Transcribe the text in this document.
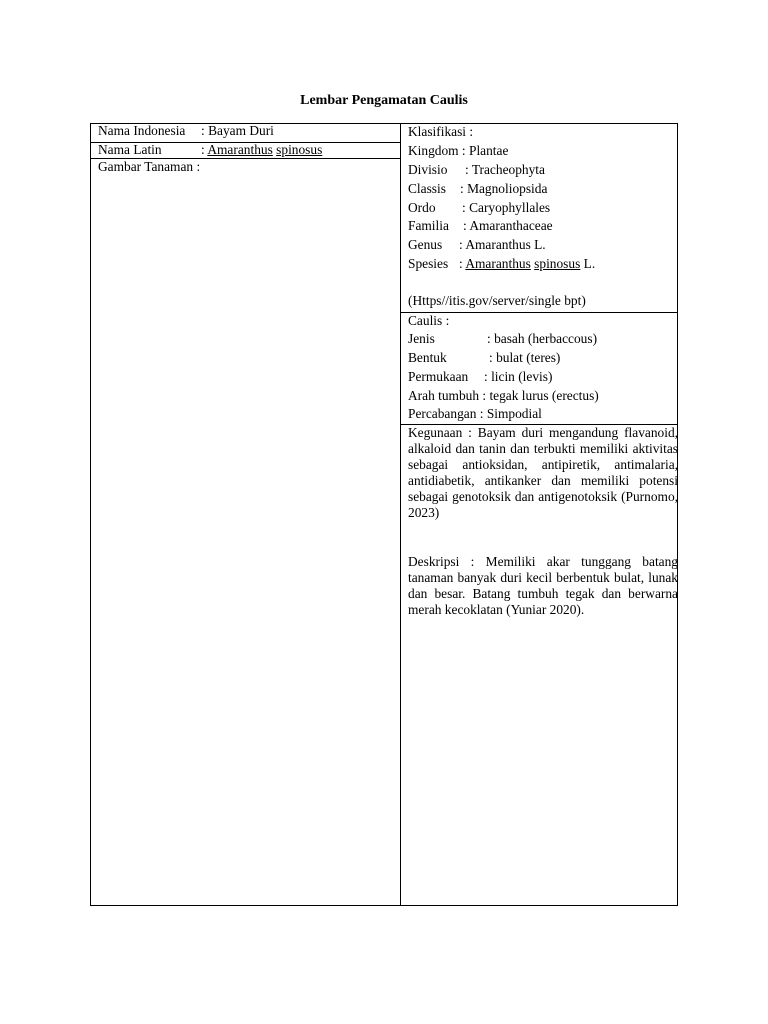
Lembar Pengamatan Caulis
Nama Indonesia : Bayam Duri
Nama Latin	: Amaranthus spinosus
Gambar Tanaman :
Klasifikasi :
Kingdom : Plantae
Divisio : Tracheophyta
Classis : Magnoliopsida
Ordo : Caryophyllales
Familia : Amaranthaceae
Genus : Amaranthus L.
Spesies : Amaranthus spinosus L.
(Https//itis.gov/server/single bpt)
Caulis :
Jenis	: basah (herbaccous)
Bentuk	: bulat (teres)
Permukaan : licin (levis)
Arah tumbuh : tegak lurus (erectus)
Percabangan : Simpodial
Kegunaan : Bayam duri mengandung flavanoid, alkaloid dan tanin dan terbukti memiliki aktivitas sebagai antioksidan, antipiretik, antimalaria, antidiabetik, antikanker dan memiliki potensi sebagai genotoksik dan antigenotoksik (Purnomo, 2023)
Deskripsi : Memiliki akar tunggang batang tanaman banyak duri kecil berbentuk bulat, lunak dan besar. Batang tumbuh tegak dan berwarna merah kecoklatan (Yuniar 2020).
